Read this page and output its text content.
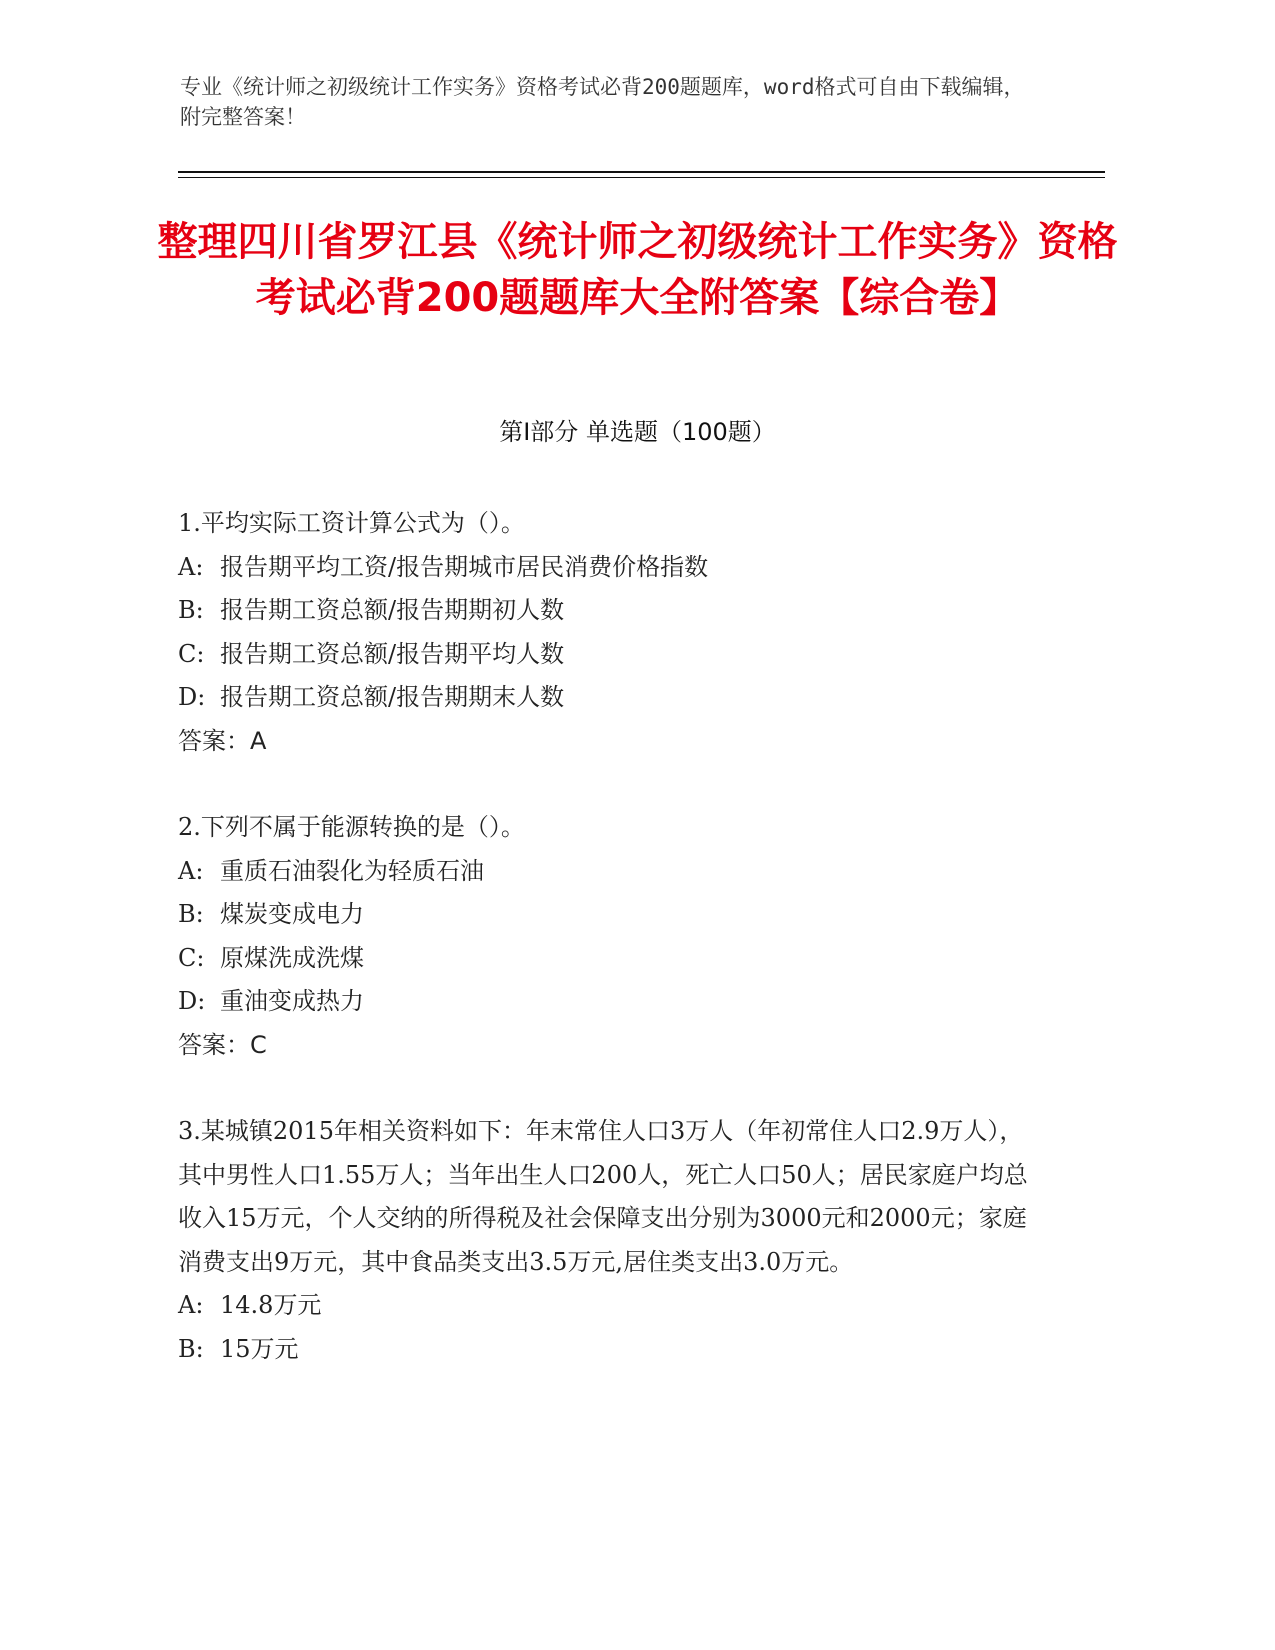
专业《统计师之初级统计工作实务》资格考试必背200题题库，word格式可自由下载编辑，附完整答案！
整理四川省罗江县《统计师之初级统计工作实务》资格考试必背200题题库大全附答案【综合卷】
第Ⅰ部分 单选题（100题）
1.平均实际工资计算公式为（）。
A: 报告期平均工资/报告期城市居民消费价格指数
B: 报告期工资总额/报告期期初人数
C: 报告期工资总额/报告期平均人数
D: 报告期工资总额/报告期期末人数
答案：A
2.下列不属于能源转换的是（）。
A: 重质石油裂化为轻质石油
B: 煤炭变成电力
C: 原煤洗成洗煤
D: 重油变成热力
答案：C
3.某城镇2015年相关资料如下：年末常住人口3万人（年初常住人口2.9万人），其中男性人口1.55万人；当年出生人口200人，死亡人口50人；居民家庭户均总收入15万元，个人交纳的所得税及社会保障支出分别为3000元和2000元；家庭消费支出9万元，其中食品类支出3.5万元,居住类支出3.0万元。
A: 14.8万元
B: 15万元
